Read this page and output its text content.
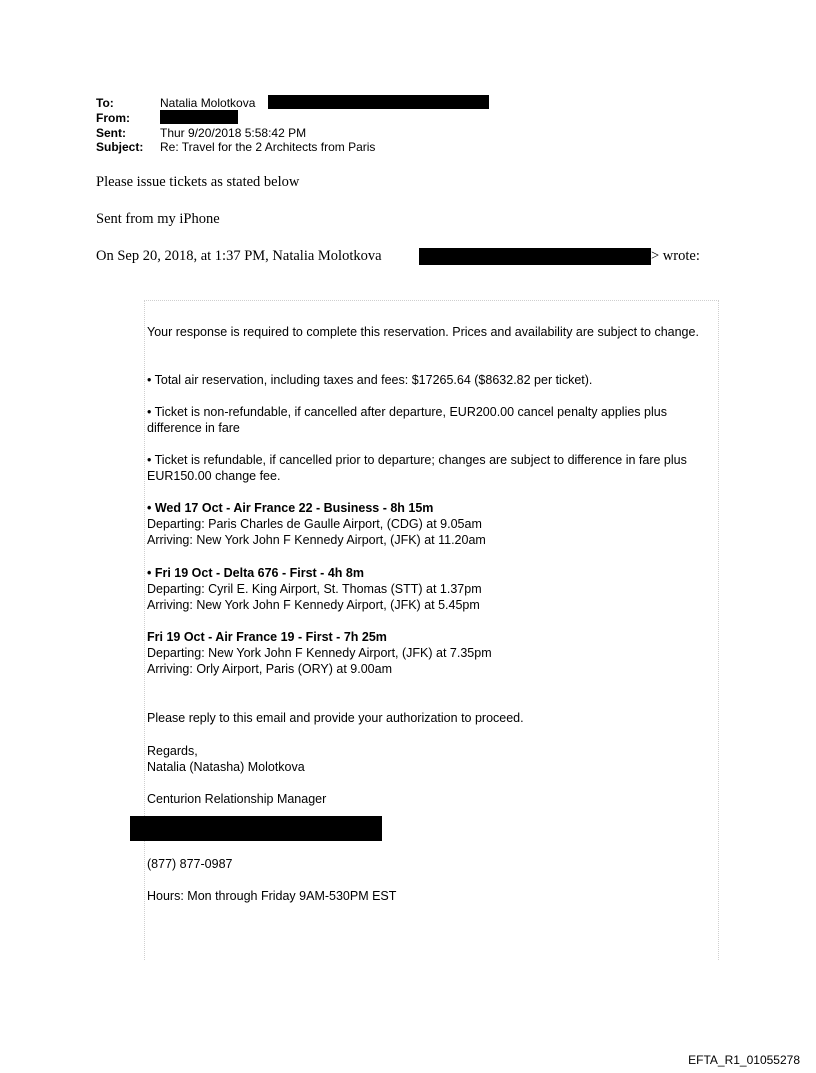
To:	Natalia Molotkova
From:
Sent:	Thur 9/20/2018 5:58:42 PM
Subject: Re: Travel for the 2 Architects from Paris
Please issue tickets as stated below
Sent from my iPhone
On Sep 20, 2018, at 1:37 PM, Natalia Molotkova	> wrote:
Your response is required to complete this reservation. Prices and availability are subject to change.
• Total air reservation, including taxes and fees: $17265.64 ($8632.82 per ticket).
• Ticket is non-refundable, if cancelled after departure, EUR200.00 cancel penalty applies plus difference in fare
• Ticket is refundable, if cancelled prior to departure; changes are subject to difference in fare plus EUR150.00 change fee.
• Wed 17 Oct - Air France 22 - Business - 8h 15m
Departing: Paris Charles de Gaulle Airport, (CDG) at 9.05am
Arriving: New York John F Kennedy Airport, (JFK) at 11.20am
• Fri 19 Oct - Delta 676 - First - 4h 8m
Departing: Cyril E. King Airport, St. Thomas (STT) at 1.37pm
Arriving: New York John F Kennedy Airport, (JFK) at 5.45pm
Fri 19 Oct - Air France 19 - First - 7h 25m
Departing: New York John F Kennedy Airport, (JFK) at 7.35pm
Arriving: Orly Airport, Paris (ORY) at 9.00am
Please reply to this email and provide your authorization to proceed.
Regards,
Natalia (Natasha) Molotkova
Centurion Relationship Manager
(877) 877-0987
Hours: Mon through Friday 9AM-530PM EST
EFTA_R1_01055278
